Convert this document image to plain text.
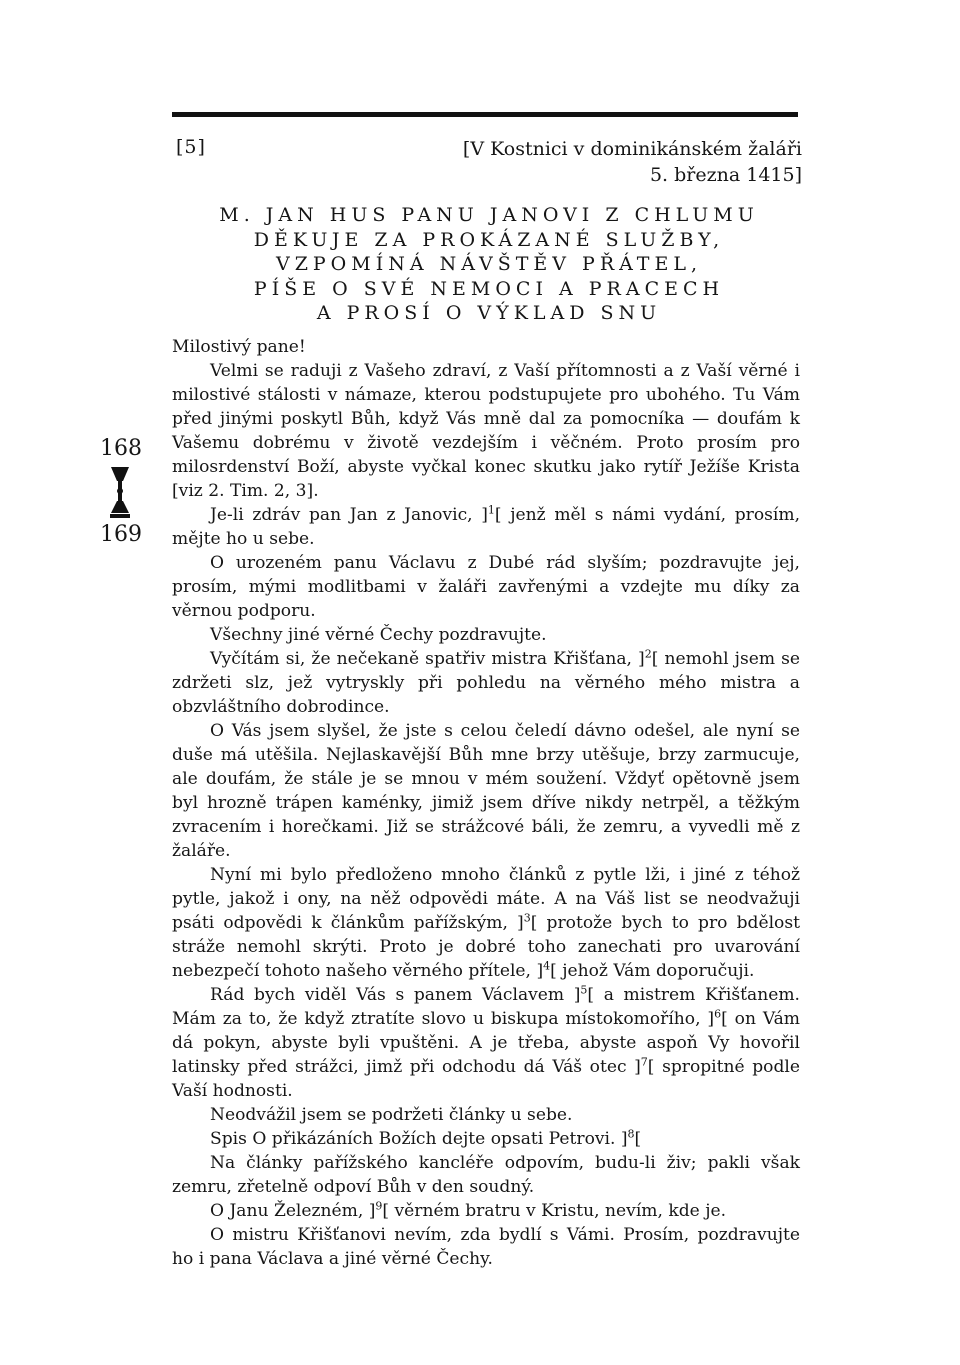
[5]	[V Kostnici v dominikánském žaláři
5. března 1415]
M. JAN HUS PANU JANOVI Z CHLUMU
DĚKUJE ZA PROKÁZANÉ SLUŽBY,
VZPOMÍNÁ NÁVŠTĚV PŘÁTEL,
PÍŠE O SVÉ NEMOCI A PRACECH
A PROSÍ O VÝKLAD SNU
168
169

Milostivý pane!

Velmi se raduji z Vašeho zdraví, z Vaší přítomnosti a z Vaší věrné i milostivé stálosti v námaze, kterou podstupujete pro ubohého. Tu Vám před jinými poskytl Bůh, když Vás mně dal za pomocníka — doufám k Vašemu dobrému v životě vezdejším i věčném. Proto prosím pro milosrdenství Boží, abyste vyčkal konec skutku jako rytíř Ježíše Krista [viz 2. Tim. 2, 3].

Je-li zdráv pan Jan z Janovic, ]$^1$[ jenž měl s námi vydání, prosím, mějte ho u sebe.

O urozeném panu Václavu z Dubé rád slyším; pozdravujte jej, prosím, mými modlitbami v žaláři zavřenými a vzdejte mu díky za věrnou podporu.

Všechny jiné věrné Čechy pozdravujte.

Vyčítám si, že nečekaně spatřiv mistra Křišťana, ]$^2$[ nemohl jsem se zdržeti slz, jež vytryskly při pohledu na věrného mého mistra a obzvláštního dobrodince.

O Vás jsem slyšel, že jste s celou čeledí dávno odešel, ale nyní se duše má utěšila. Nejlaskavější Bůh mne brzy utěšuje, brzy zarmucuje, ale doufám, že stále je se mnou v mém soužení. Vždyť opětovně jsem byl hrozně trápen kaménky, jimiž jsem dříve nikdy netrpěl, a těžkým zvracením i horečkami. Již se strážcové báli, že zemru, a vyvedli mě z žaláře.

Nyní mi bylo předloženo mnoho článků z pytle lži, i jiné z téhož pytle, jakož i ony, na něž odpovědi máte. A na Váš list se neodvažuji psáti odpovědi k článkům pařížským, ]$^3$[ protože bych to pro bdělost stráže nemohl skrýti. Proto je dobré toho zanechati pro uvarování nebezpečí tohoto našeho věrného přítele, ]$^4$[ jehož Vám doporučuji.

Rád bych viděl Vás s panem Václavem ]$^5$[ a mistrem Křišťanem. Mám za to, že když ztratíte slovo u biskupa místokomořího, ]$^6$[ on Vám dá pokyn, abyste byli vpuštěni. A je třeba, abyste aspoň Vy hovořil latinsky před strážci, jimž při odchodu dá Váš otec ]$^7$[ spropitné podle Vaší hodnosti.

Neodvážil jsem se podržeti články u sebe.

Spis O přikázáních Božích dejte opsati Petrovi. ]$^8$[

Na články pařížského kancléře odpovím, budu-li živ; pakli však zemru, zřetelně odpoví Bůh v den soudný.

O Janu Železném, ]$^9$[ věrném bratru v Kristu, nevím, kde je.

O mistru Křišťanovi nevím, zda bydlí s Vámi. Prosím, pozdravujte ho i pana Václava a jiné věrné Čechy.
